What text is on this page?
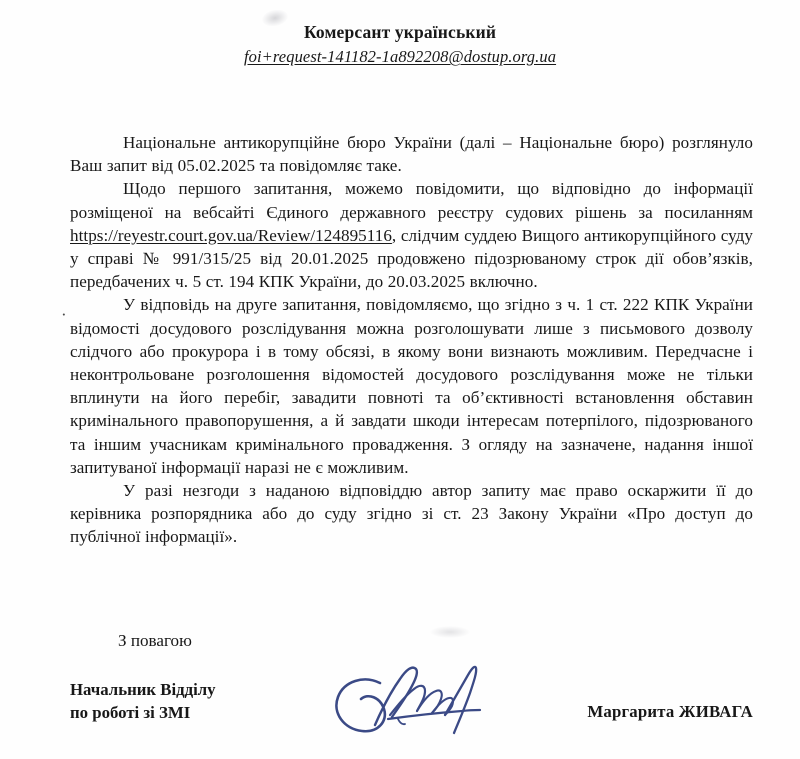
Комерсант український
foi+request-141182-1a892208@dostup.org.ua
·

Національне антикорупційне бюро України (далі – Національне бюро) розглянуло Ваш запит від 05.02.2025 та повідомляє таке.

Щодо першого запитання, можемо повідомити, що відповідно до інформації розміщеної на вебсайті Єдиного державного реєстру судових рішень за посиланням https://reyestr.court.gov.ua/Review/124895116, слідчим суддею Вищого антикорупційного суду у справі № 991/315/25 від 20.01.2025 продовжено підозрюваному строк дії обов’язків, передбачених ч. 5 ст. 194 КПК України, до 20.03.2025 включно.

У відповідь на друге запитання, повідомляємо, що згідно з ч. 1 ст. 222 КПК України відомості досудового розслідування можна розголошувати лише з письмового дозволу слідчого або прокурора і в тому обсязі, в якому вони визнають можливим. Передчасне і неконтрольоване розголошення відомостей досудового розслідування може не тільки вплинути на його перебіг, завадити повноті та об’єктивності встановлення обставин кримінального правопорушення, а й завдати шкоди інтересам потерпілого, підозрюваного та іншим учасникам кримінального провадження. З огляду на зазначене, надання іншої запитуваної інформації наразі не є можливим.

У разі незгоди з наданою відповіддю автор запиту має право оскаржити її до керівника розпорядника або до суду згідно зі ст. 23 Закону України «Про доступ до публічної інформації».

З повагою

Начальник Відділу
по роботі зі ЗМІ	Маргарита ЖИВАГА
